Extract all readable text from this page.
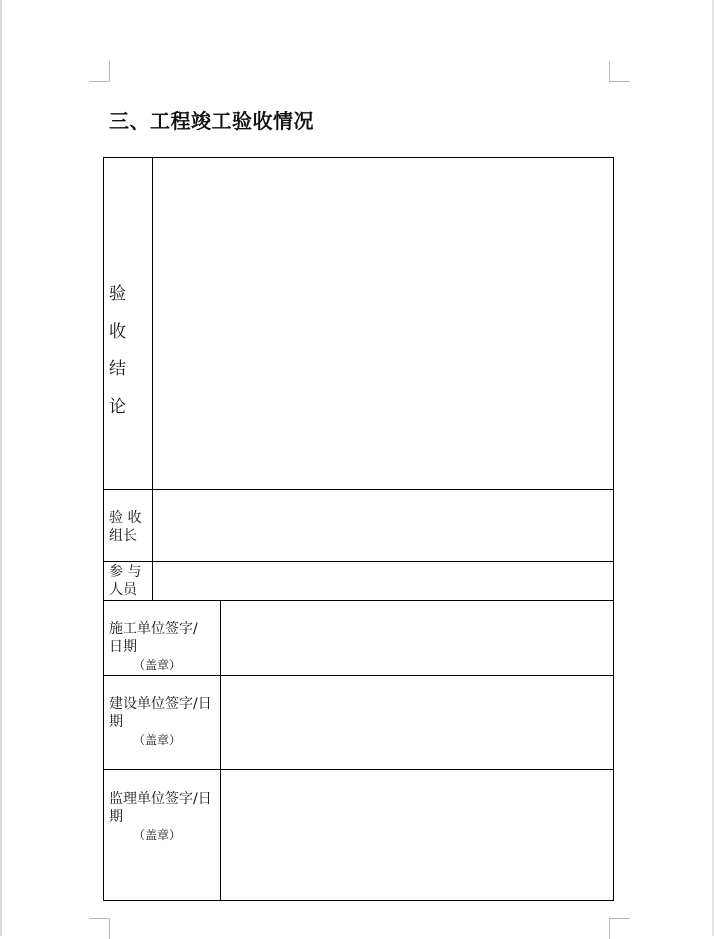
三、工程竣工验收情况
验
收
结
论
验 收
组长
参 与
人员
施工单位签字/
日期
（盖章）
建设单位签字/日
期
（盖章）
监理单位签字/日
期
（盖章）
